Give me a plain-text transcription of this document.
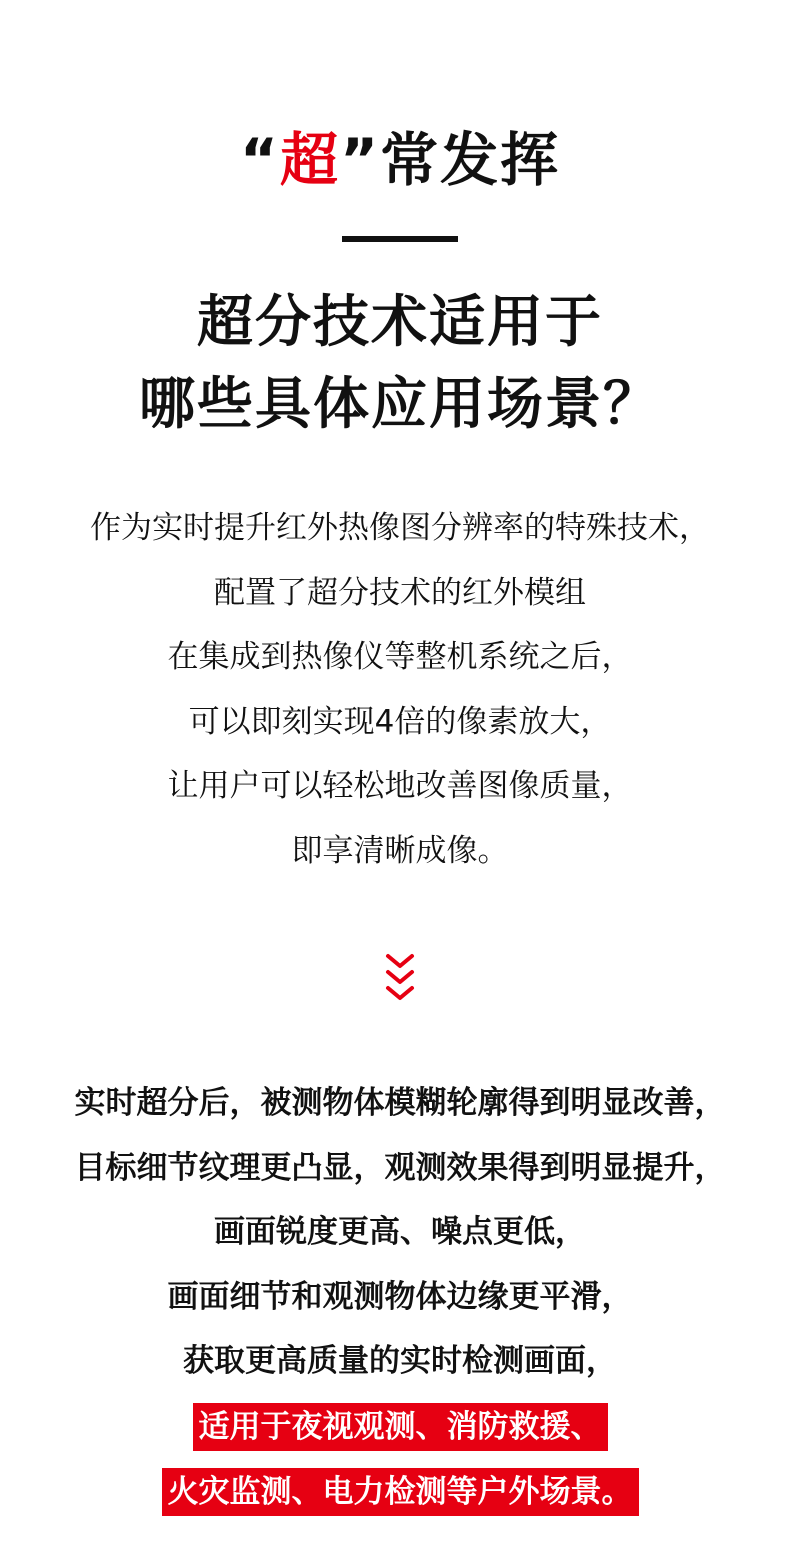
“超”常发挥
超分技术适用于
哪些具体应用场景？
作为实时提升红外热像图分辨率的特殊技术，
配置了超分技术的红外模组
在集成到热像仪等整机系统之后，
可以即刻实现4倍的像素放大，
让用户可以轻松地改善图像质量，
即享清晰成像。
实时超分后，被测物体模糊轮廓得到明显改善，
目标细节纹理更凸显，观测效果得到明显提升，
画面锐度更高、噪点更低，
画面细节和观测物体边缘更平滑，
获取更高质量的实时检测画面，
适用于夜视观测、消防救援、
火灾监测、电力检测等户外场景。
